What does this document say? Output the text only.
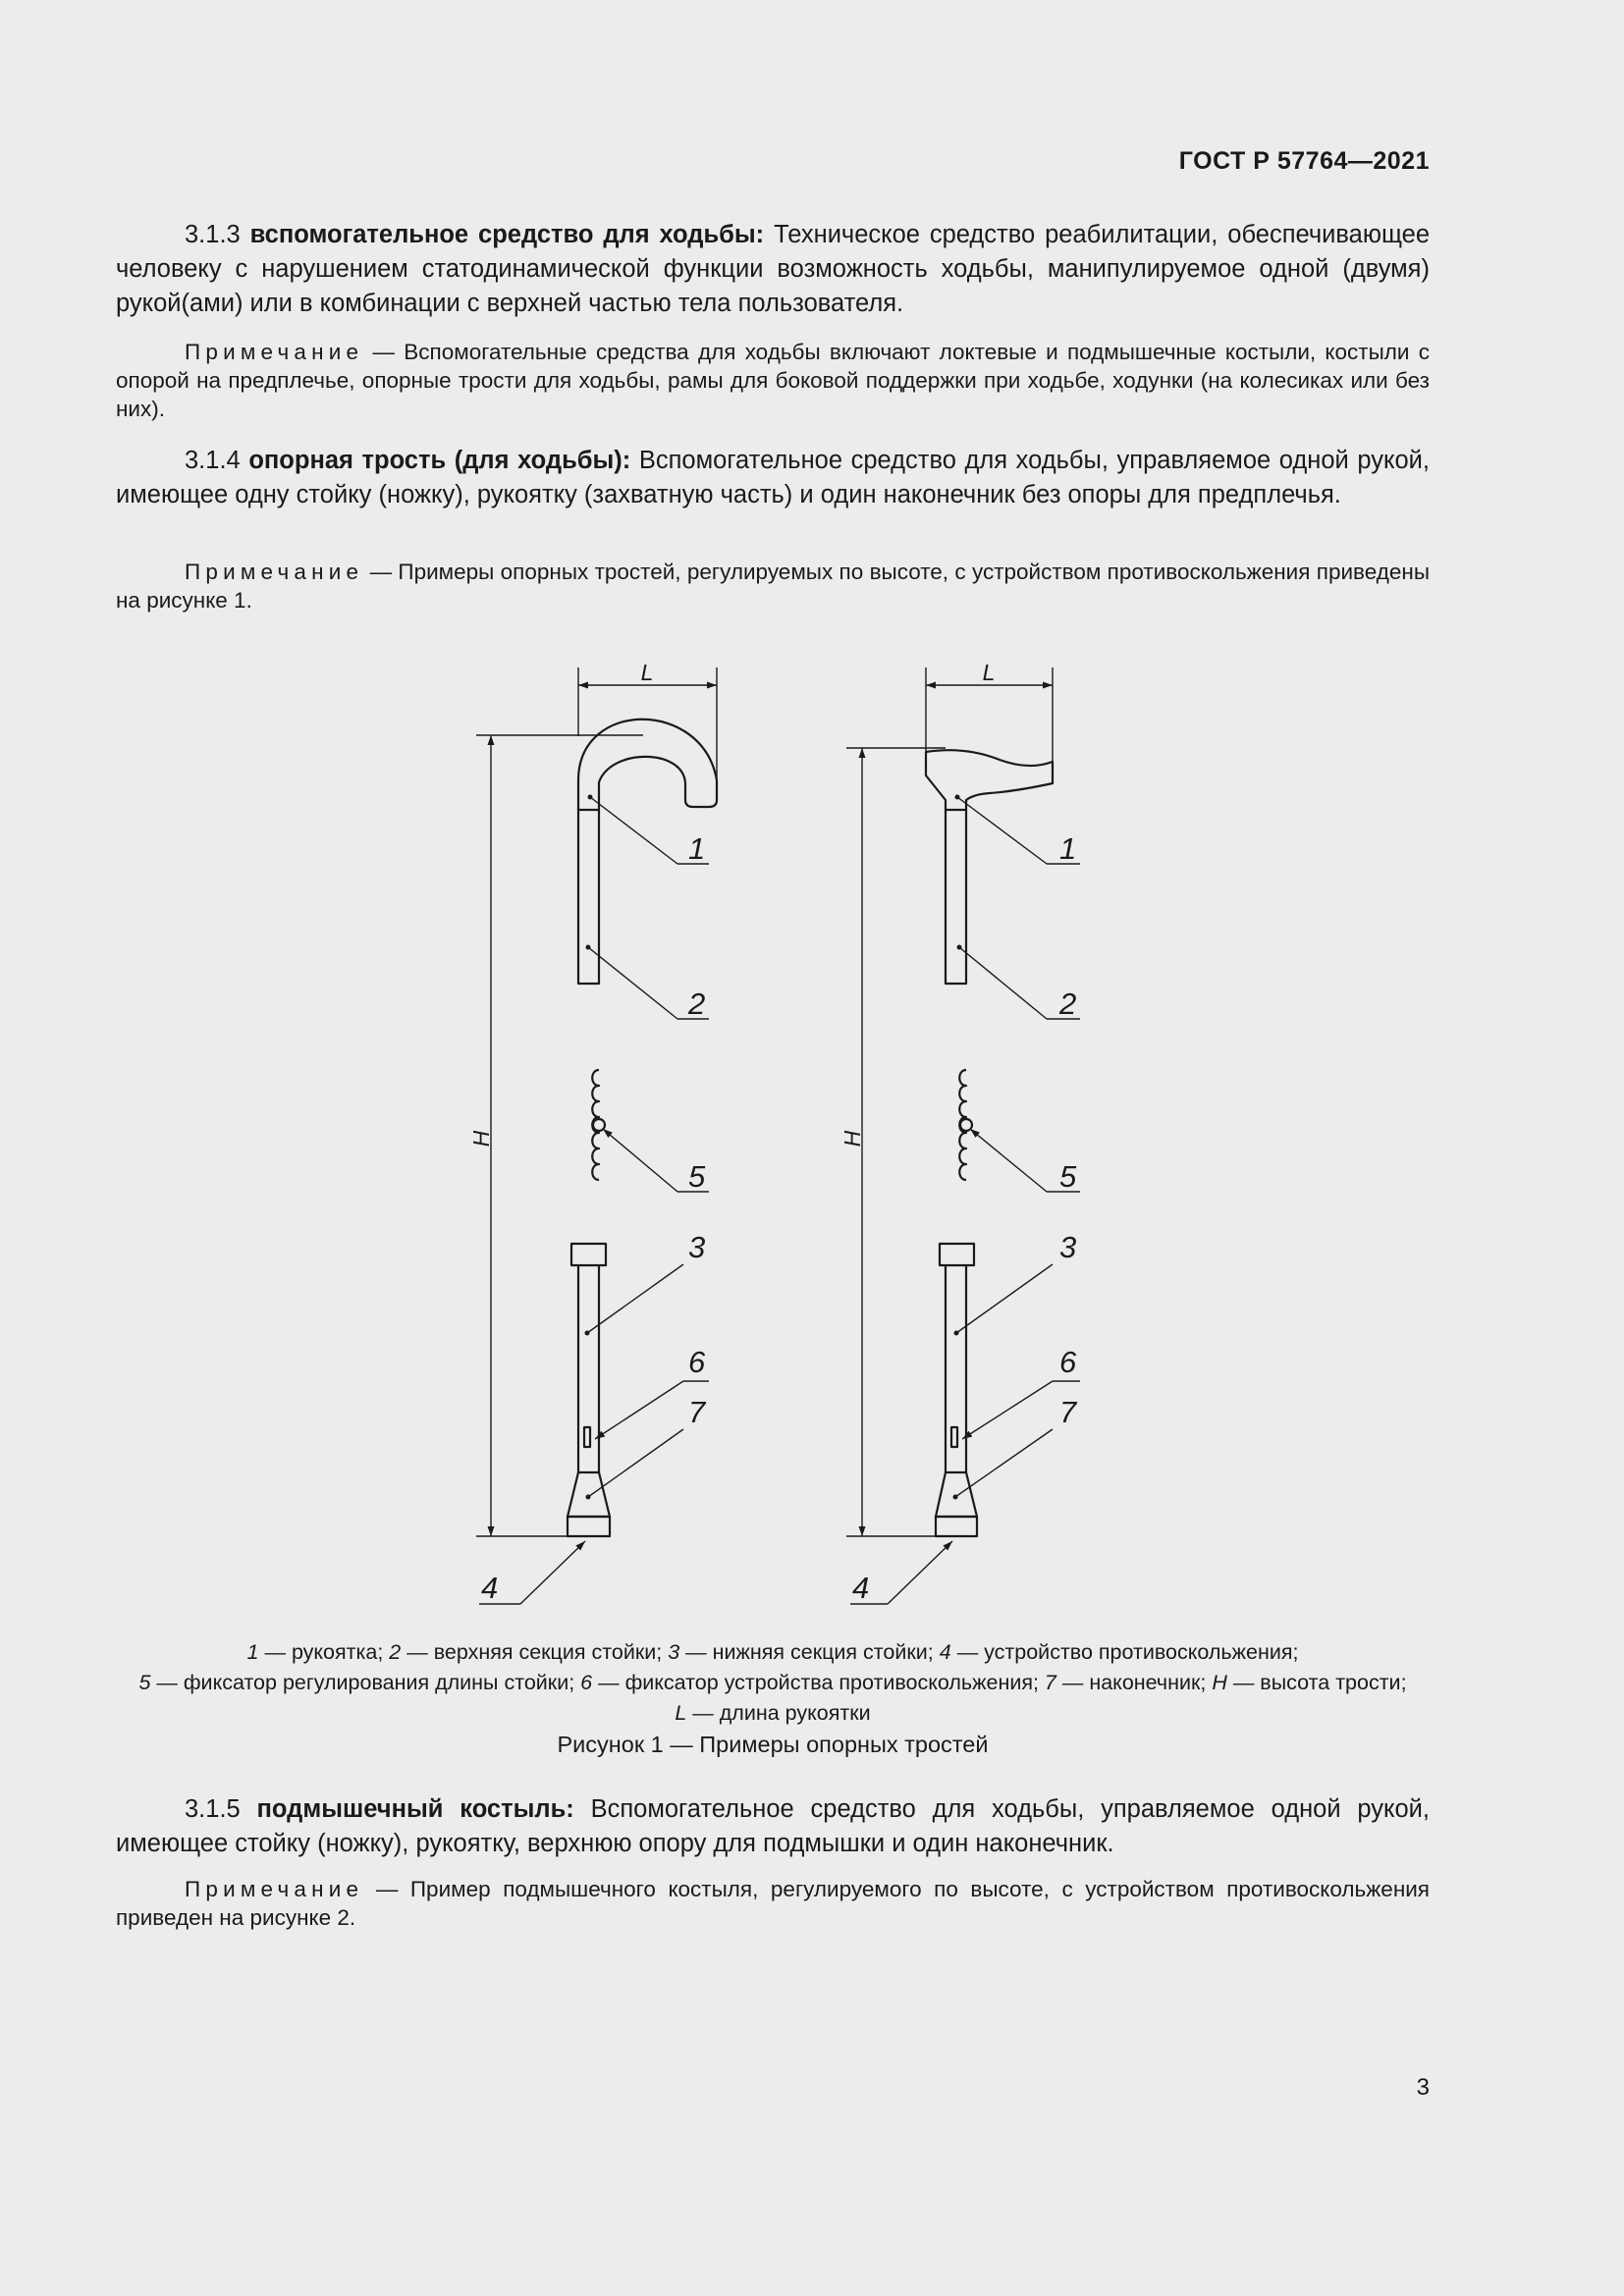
ГОСТ Р 57764—2021
3.1.3 вспомогательное средство для ходьбы: Техническое средство реабилитации, обеспечивающее человеку с нарушением статодинамической функции возможность ходьбы, манипулируемое одной (двумя) рукой(ами) или в комбинации с верхней частью тела пользователя.
Примечание — Вспомогательные средства для ходьбы включают локтевые и подмышечные костыли, костыли с опорой на предплечье, опорные трости для ходьбы, рамы для боковой поддержки при ходьбе, ходунки (на колесиках или без них).
3.1.4 опорная трость (для ходьбы): Вспомогательное средство для ходьбы, управляемое одной рукой, имеющее одну стойку (ножку), рукоятку (захватную часть) и один наконечник без опоры для предплечья.
Примечание — Примеры опорных тростей, регулируемых по высоте, с устройством противоскольжения приведены на рисунке 1.
L	L
H	H
1
2
5
3
6
7
4
1
2
5
3
6
7
4
1 — рукоятка; 2 — верхняя секция стойки; 3 — нижняя секция стойки; 4 — устройство противоскольжения;
5 — фиксатор регулирования длины стойки; 6 — фиксатор устройства противоскольжения; 7 — наконечник; H — высота трости;
L — длина рукоятки
Рисунок 1 — Примеры опорных тростей
3.1.5 подмышечный костыль: Вспомогательное средство для ходьбы, управляемое одной рукой, имеющее стойку (ножку), рукоятку, верхнюю опору для подмышки и один наконечник.
Примечание — Пример подмышечного костыля, регулируемого по высоте, с устройством противоскольжения приведен на рисунке 2.
3
